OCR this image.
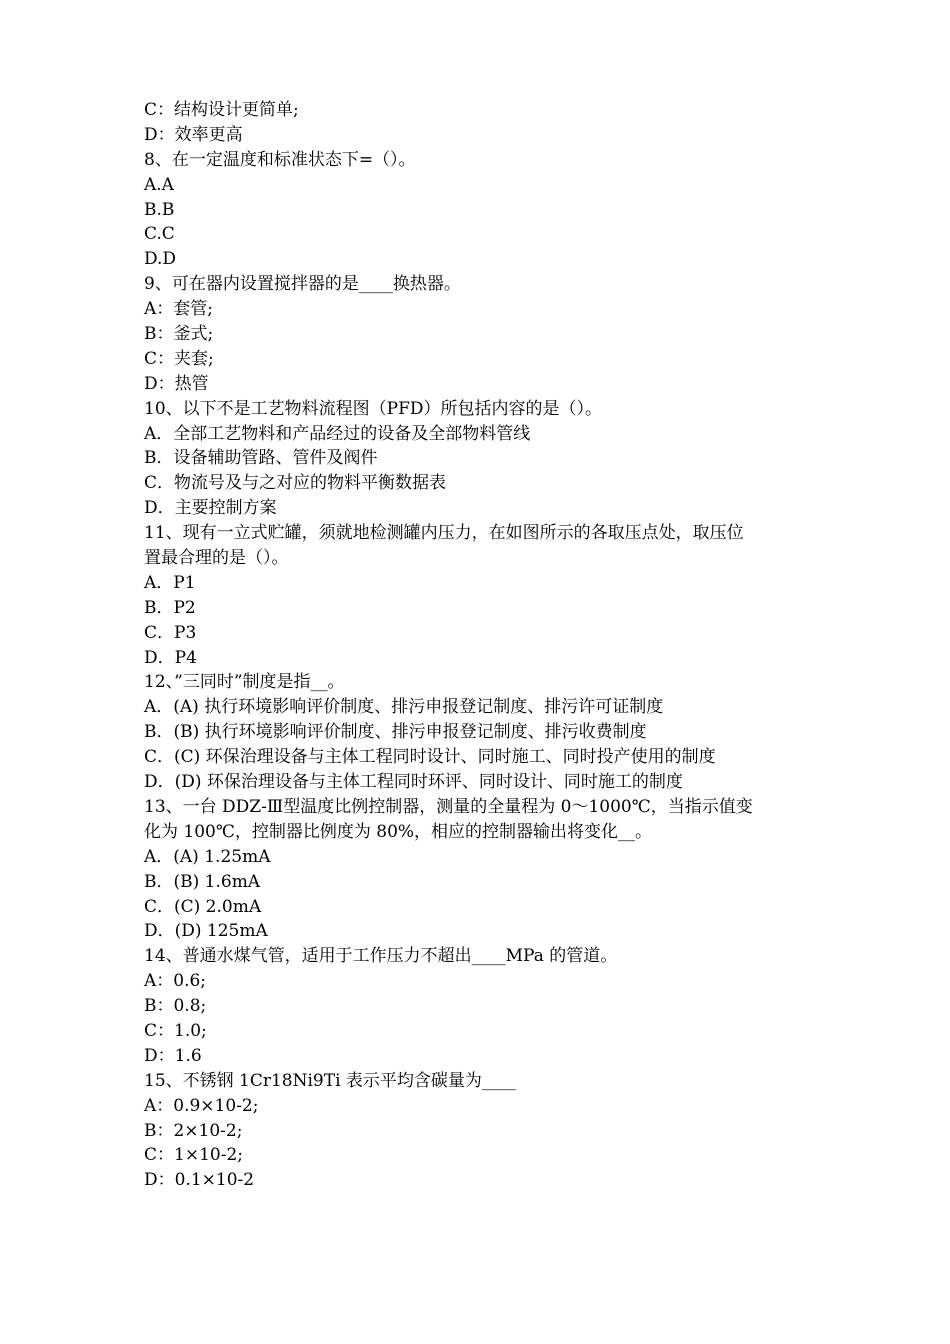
C：结构设计更简单;
D：效率更高
8、在一定温度和标准状态下=（）。
A.A
B.B
C.C
D.D
9、可在器内设置搅拌器的是____换热器。
A：套管;
B：釜式;
C：夹套;
D：热管
10、以下不是工艺物料流程图（PFD）所包括内容的是（）。
A．全部工艺物料和产品经过的设备及全部物料管线
B．设备辅助管路、管件及阀件
C．物流号及与之对应的物料平衡数据表
D．主要控制方案
11、现有一立式贮罐，须就地检测罐内压力，在如图所示的各取压点处，取压位
置最合理的是（）。
A．P1
B．P2
C．P3
D．P4
12、”三同时”制度是指__。
A．(A) 执行环境影响评价制度、排污申报登记制度、排污许可证制度
B．(B) 执行环境影响评价制度、排污申报登记制度、排污收费制度
C．(C) 环保治理设备与主体工程同时设计、同时施工、同时投产使用的制度
D．(D) 环保治理设备与主体工程同时环评、同时设计、同时施工的制度
13、一台 DDZ-Ⅲ型温度比例控制器，测量的全量程为 0～1000℃，当指示值变
化为 100℃，控制器比例度为 80%，相应的控制器输出将变化__。
A．(A) 1.25mA
B．(B) 1.6mA
C．(C) 2.0mA
D．(D) 125mA
14、普通水煤气管，适用于工作压力不超出____MPa 的管道。
A：0.6;
B：0.8;
C：1.0;
D：1.6
15、不锈钢 1Cr18Ni9Ti 表示平均含碳量为____
A：0.9×10-2;
B：2×10-2;
C：1×10-2;
D：0.1×10-2
